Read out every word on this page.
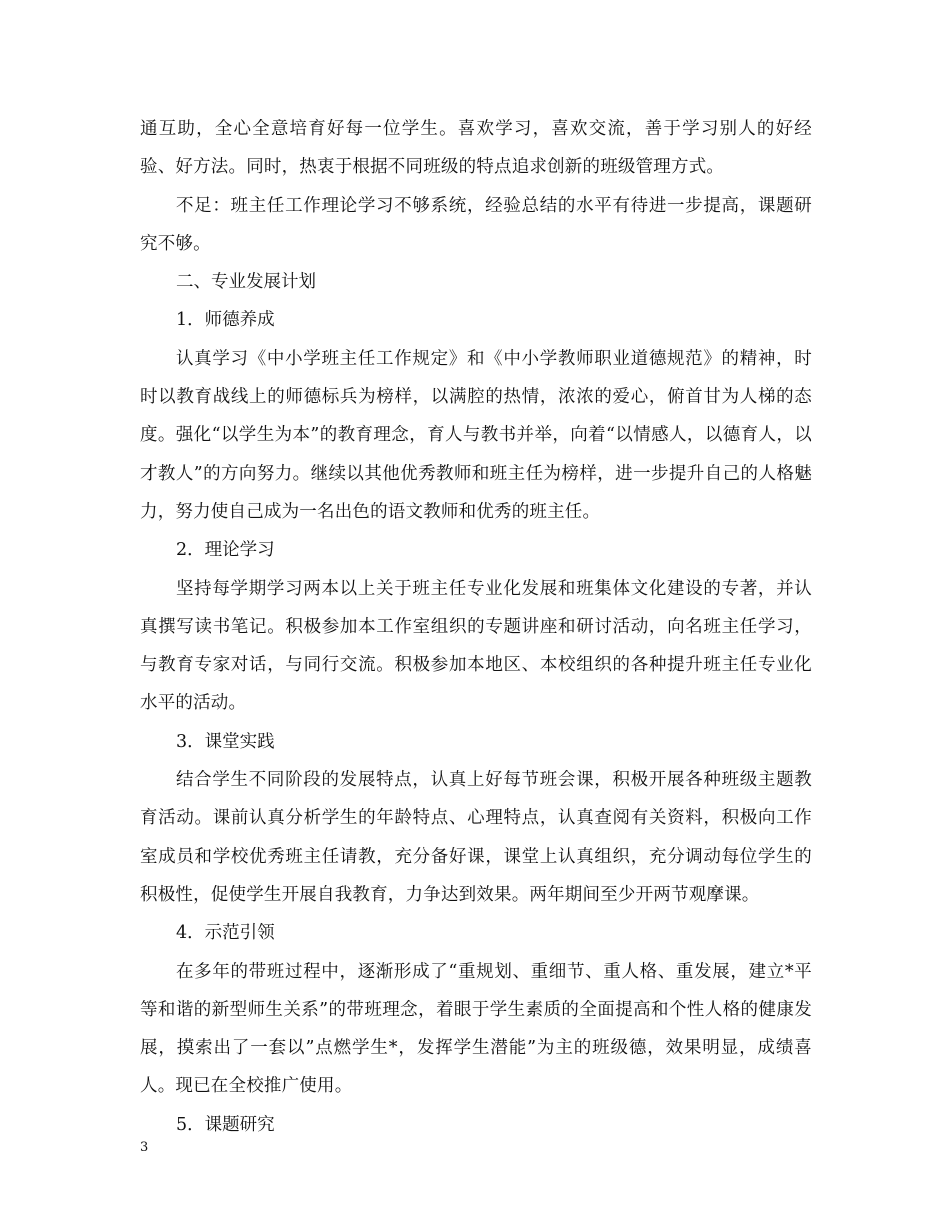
通互助，全心全意培育好每一位学生。喜欢学习，喜欢交流，善于学习别人的好经验、好方法。同时，热衷于根据不同班级的特点追求创新的班级管理方式。

不足：班主任工作理论学习不够系统，经验总结的水平有待进一步提高，课题研究不够。

二、专业发展计划

1．师德养成

认真学习《中小学班主任工作规定》和《中小学教师职业道德规范》的精神，时时以教育战线上的师德标兵为榜样，以满腔的热情，浓浓的爱心，俯首甘为人梯的态度。强化“以学生为本”的教育理念，育人与教书并举，向着“以情感人，以德育人，以才教人”的方向努力。继续以其他优秀教师和班主任为榜样，进一步提升自己的人格魅力，努力使自己成为一名出色的语文教师和优秀的班主任。

2．理论学习

坚持每学期学习两本以上关于班主任专业化发展和班集体文化建设的专著，并认真撰写读书笔记。积极参加本工作室组织的专题讲座和研讨活动，向名班主任学习，与教育专家对话，与同行交流。积极参加本地区、本校组织的各种提升班主任专业化水平的活动。

3．课堂实践

结合学生不同阶段的发展特点，认真上好每节班会课，积极开展各种班级主题教育活动。课前认真分析学生的年龄特点、心理特点，认真查阅有关资料，积极向工作室成员和学校优秀班主任请教，充分备好课，课堂上认真组织，充分调动每位学生的积极性，促使学生开展自我教育，力争达到效果。两年期间至少开两节观摩课。

4．示范引领

在多年的带班过程中，逐渐形成了“重规划、重细节、重人格、重发展，建立*平等和谐的新型师生关系”的带班理念，着眼于学生素质的全面提高和个性人格的健康发展，摸索出了一套以”点燃学生*，发挥学生潜能”为主的班级德，效果明显，成绩喜人。现已在全校推广使用。

5．课题研究

3
